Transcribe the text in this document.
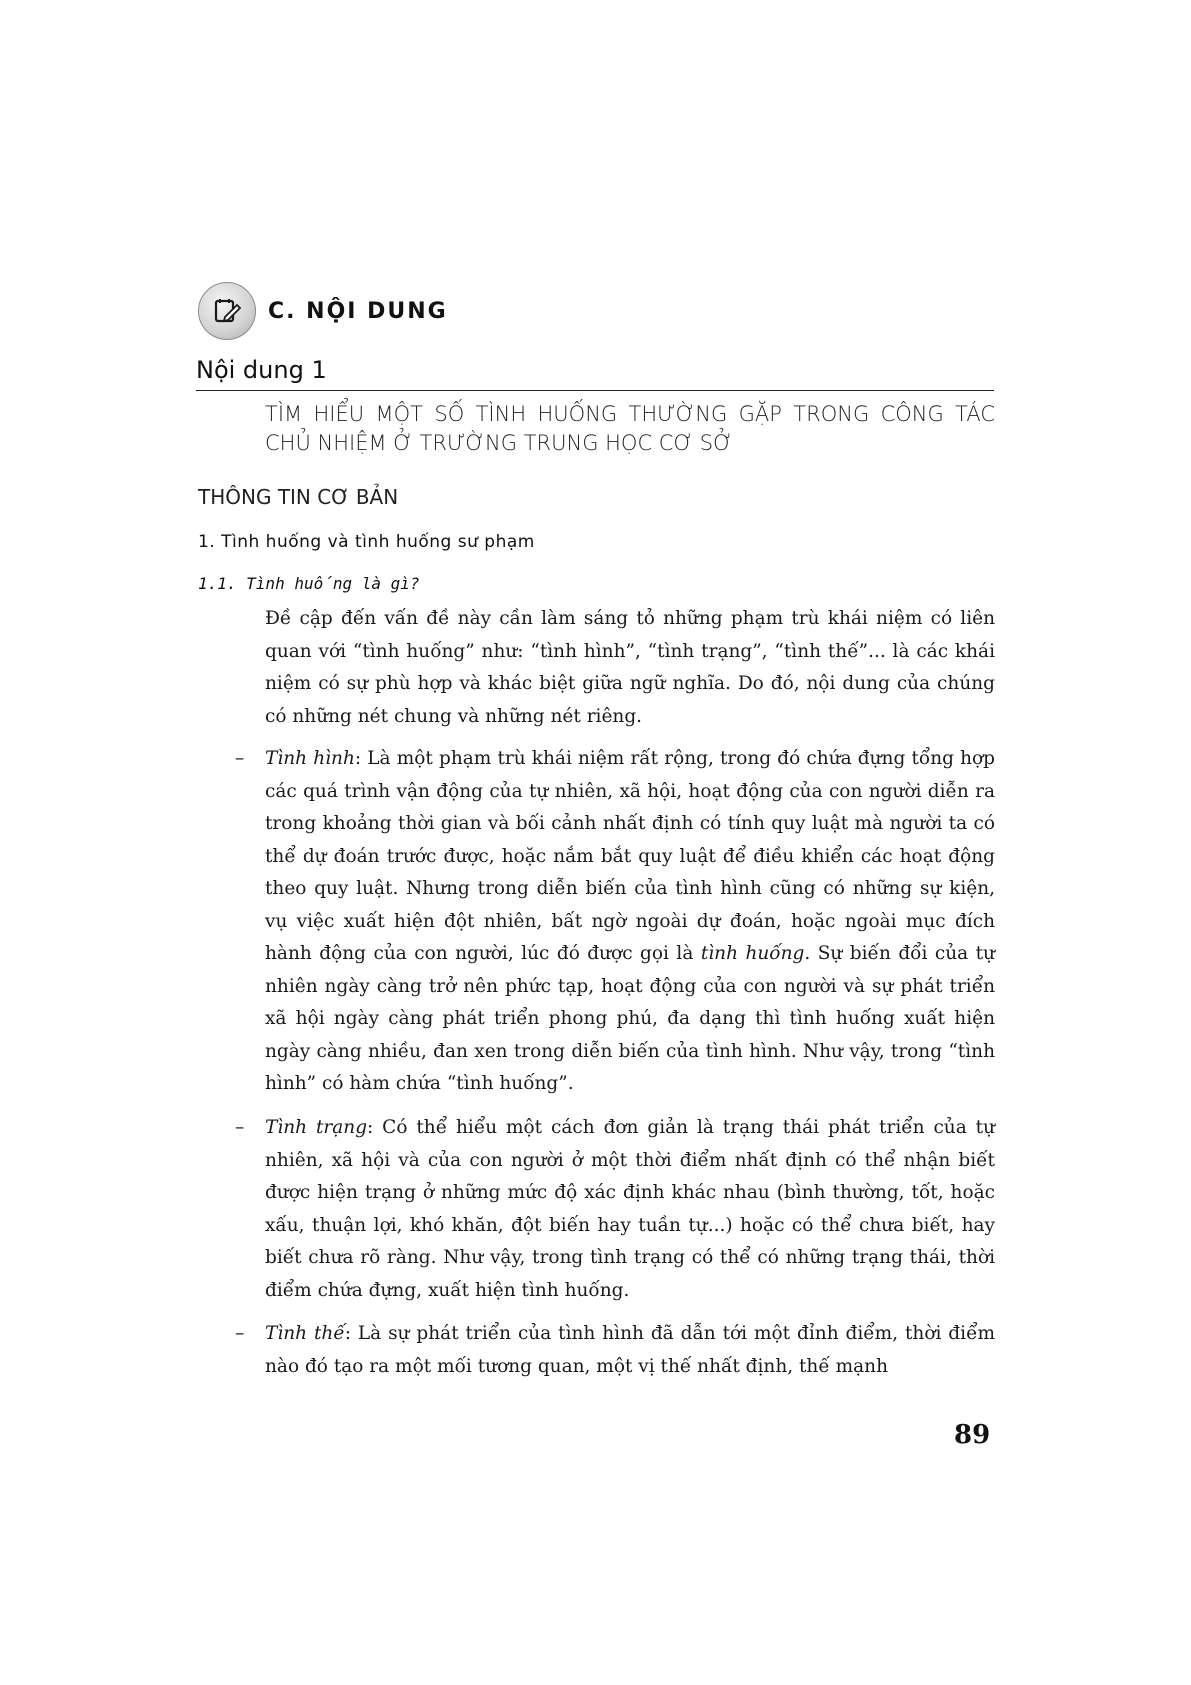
C. NỘI DUNG
Nội dung 1
TÌM HIỂU MỘT SỐ TÌNH HUỐNG THƯỜNG GẶP TRONG CÔNG TÁC CHỦ NHIỆM Ở TRƯỜNG TRUNG HỌC CƠ SỞ
THÔNG TIN CƠ BẢN
1. Tình huống và tình huống sư phạm
1.1. Tình huống là gì?

Đề cập đến vấn đề này cần làm sáng tỏ những phạm trù khái niệm có liên quan với “tình huống” như: “tình hình”, “tình trạng”, “tình thế”... là các khái niệm có sự phù hợp và khác biệt giữa ngữ nghĩa. Do đó, nội dung của chúng có những nét chung và những nét riêng.

– Tình hình: Là một phạm trù khái niệm rất rộng, trong đó chứa đựng tổng hợp các quá trình vận động của tự nhiên, xã hội, hoạt động của con người diễn ra trong khoảng thời gian và bối cảnh nhất định có tính quy luật mà người ta có thể dự đoán trước được, hoặc nắm bắt quy luật để điều khiển các hoạt động theo quy luật. Nhưng trong diễn biến của tình hình cũng có những sự kiện, vụ việc xuất hiện đột nhiên, bất ngờ ngoài dự đoán, hoặc ngoài mục đích hành động của con người, lúc đó được gọi là tình huống. Sự biến đổi của tự nhiên ngày càng trở nên phức tạp, hoạt động của con người và sự phát triển xã hội ngày càng phát triển phong phú, đa dạng thì tình huống xuất hiện ngày càng nhiều, đan xen trong diễn biến của tình hình. Như vậy, trong “tình hình” có hàm chứa “tình huống”.
– Tình trạng: Có thể hiểu một cách đơn giản là trạng thái phát triển của tự nhiên, xã hội và của con người ở một thời điểm nhất định có thể nhận biết được hiện trạng ở những mức độ xác định khác nhau (bình thường, tốt, hoặc xấu, thuận lợi, khó khăn, đột biến hay tuần tự...) hoặc có thể chưa biết, hay biết chưa rõ ràng. Như vậy, trong tình trạng có thể có những trạng thái, thời điểm chứa đựng, xuất hiện tình huống.
– Tình thế: Là sự phát triển của tình hình đã dẫn tới một đỉnh điểm, thời điểm nào đó tạo ra một mối tương quan, một vị thế nhất định, thế mạnh
89
